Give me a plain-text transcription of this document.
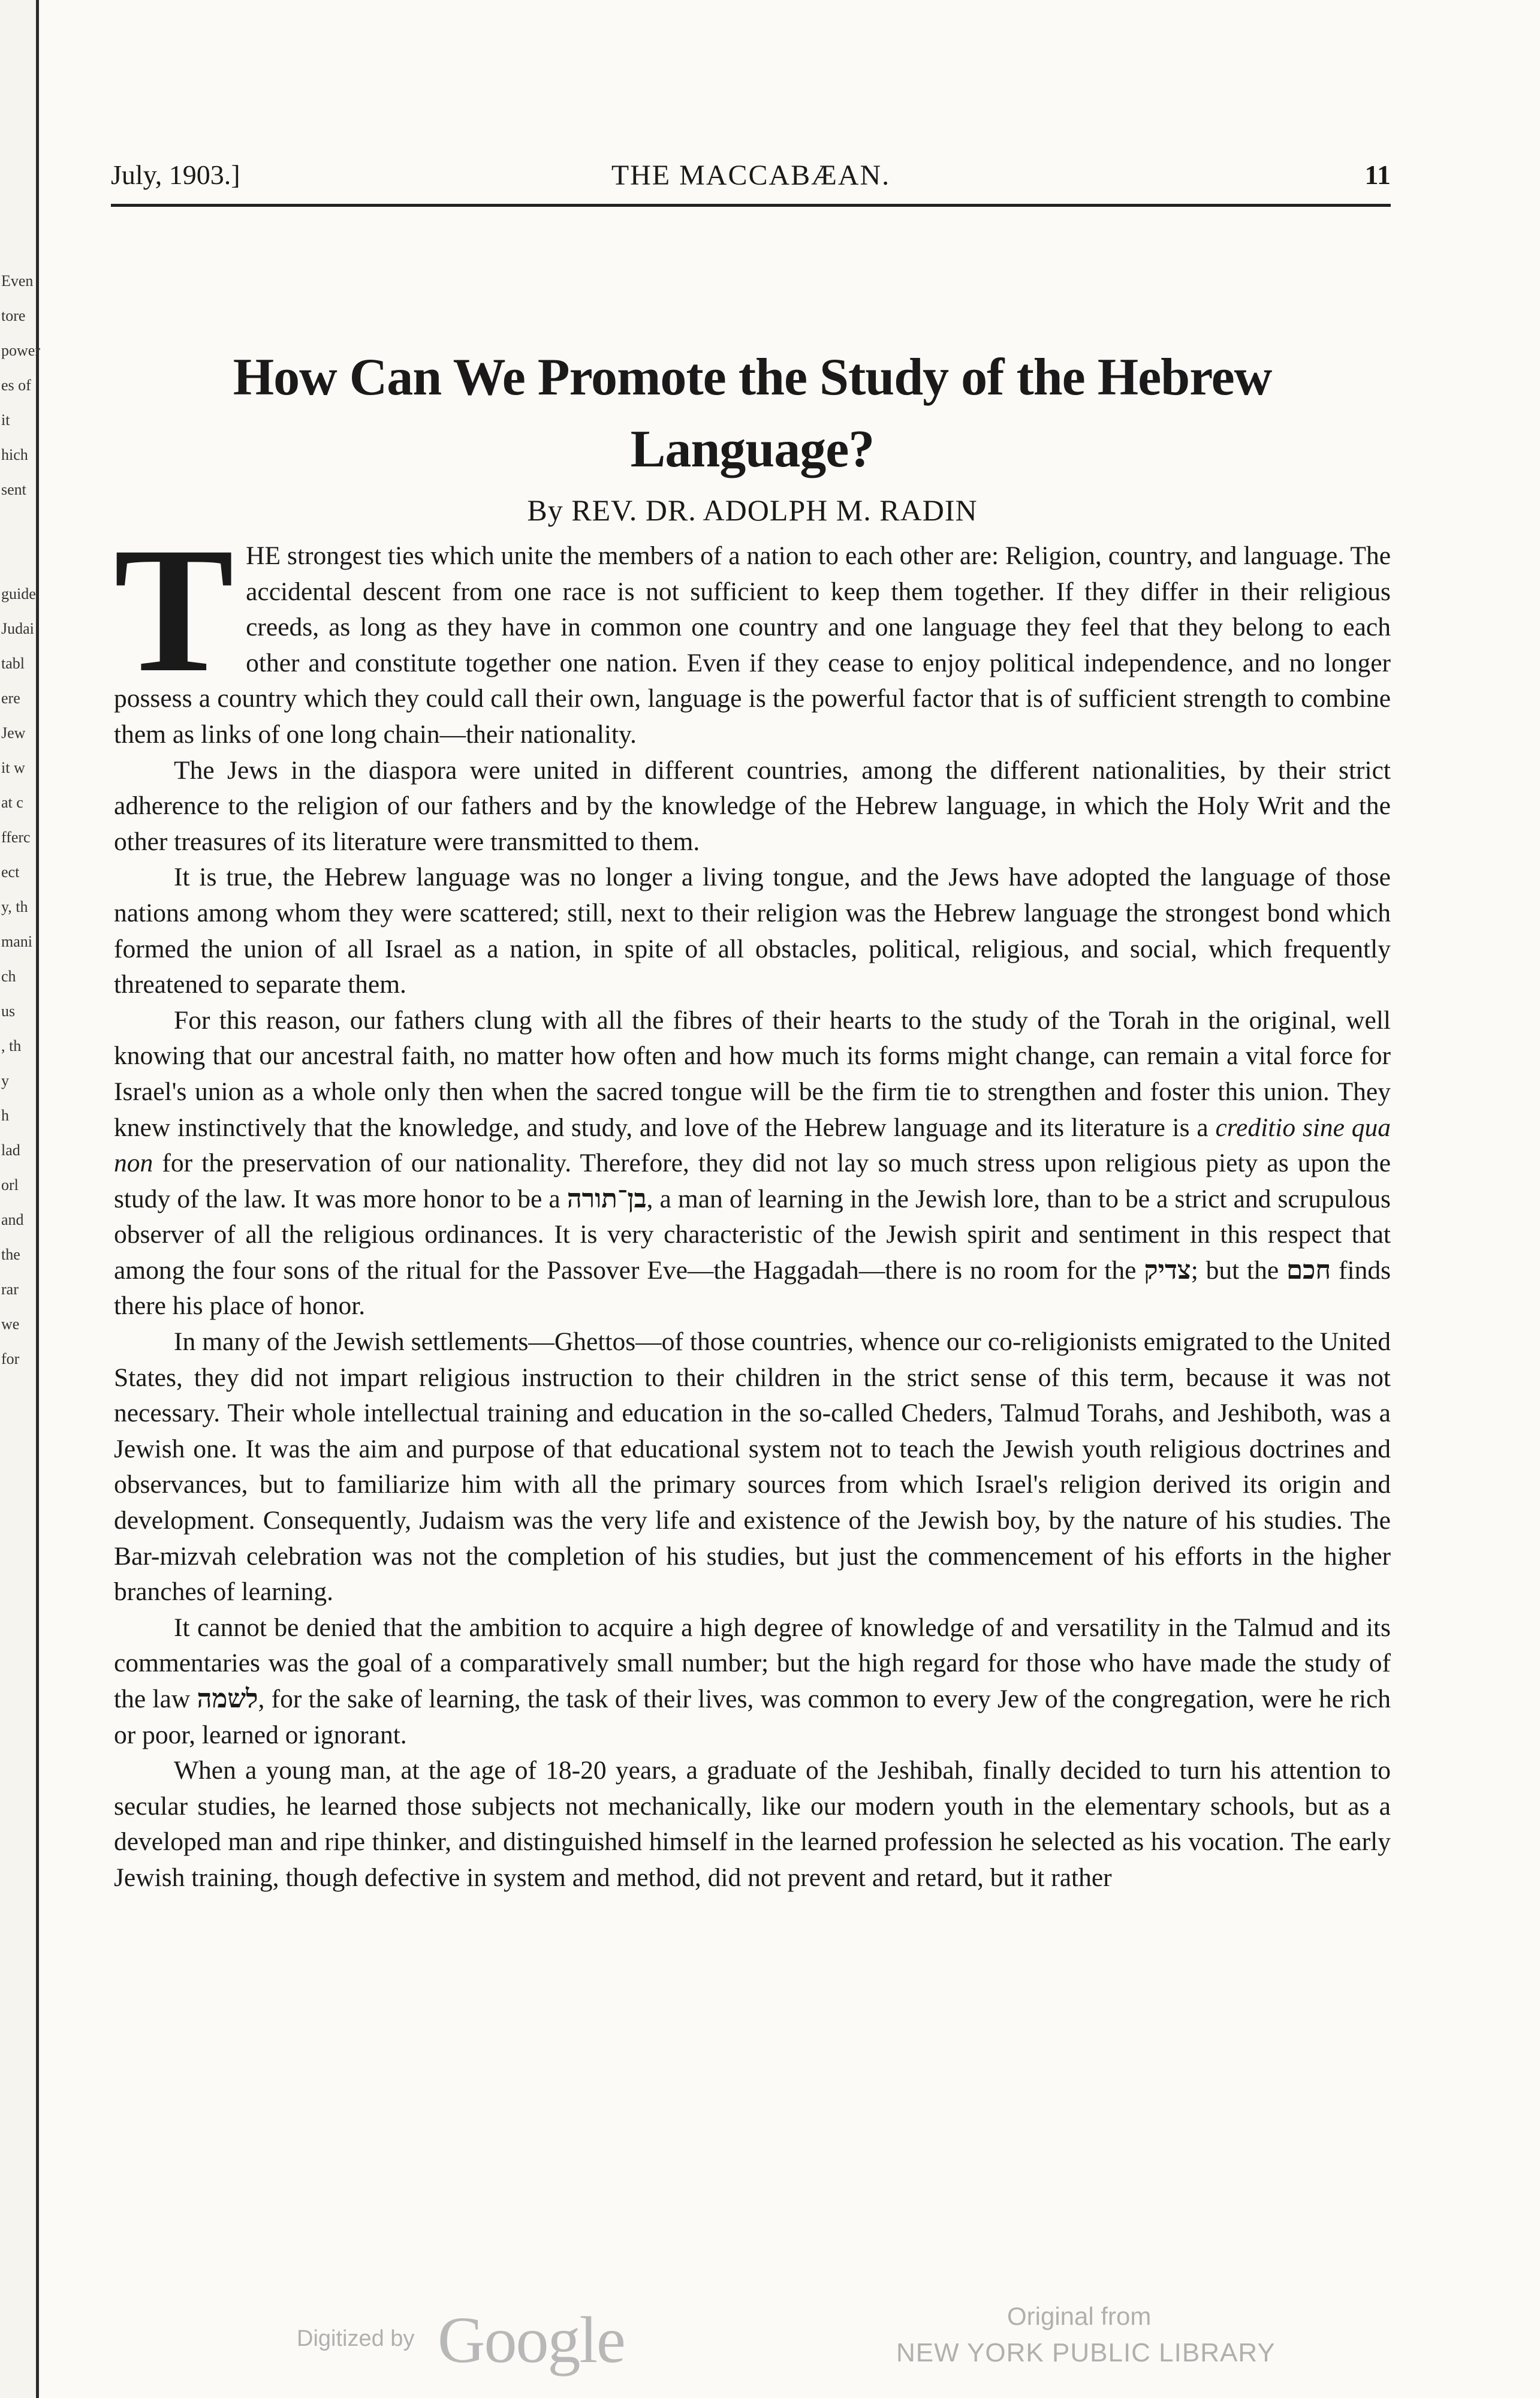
Even
tore
power
es of
it
hich
sent
guide
Judai
tabl
ere
Jew
it w
at c
fferc
ect
y, th
mani
ch
us
, th
y
h
lad
orl
and
the
rar
we
for
July, 1903.]	THE MACCABÆAN.	11
How Can We Promote the Study of the Hebrew Language?
By REV. DR. ADOLPH M. RADIN

THE strongest ties which unite the members of a nation to each other are: Religion, country, and language. The accidental descent from one race is not sufficient to keep them together. If they differ in their religious creeds, as long as they have in common one country and one language they feel that they belong to each other and constitute together one nation. Even if they cease to enjoy political independence, and no longer possess a country which they could call their own, language is the powerful factor that is of sufficient strength to combine them as links of one long chain—their nationality.

The Jews in the diaspora were united in different countries, among the different nationalities, by their strict adherence to the religion of our fathers and by the knowledge of the Hebrew language, in which the Holy Writ and the other treasures of its literature were transmitted to them.

It is true, the Hebrew language was no longer a living tongue, and the Jews have adopted the language of those nations among whom they were scattered; still, next to their religion was the Hebrew language the strongest bond which formed the union of all Israel as a nation, in spite of all obstacles, political, religious, and social, which frequently threatened to separate them.

For this reason, our fathers clung with all the fibres of their hearts to the study of the Torah in the original, well knowing that our ancestral faith, no matter how often and how much its forms might change, can remain a vital force for Israel's union as a whole only then when the sacred tongue will be the firm tie to strengthen and foster this union. They knew instinctively that the knowledge, and study, and love of the Hebrew language and its literature is a creditio sine qua non for the preservation of our nationality. Therefore, they did not lay so much stress upon religious piety as upon the study of the law. It was more honor to be a בן־תורה, a man of learning in the Jewish lore, than to be a strict and scrupulous observer of all the religious ordinances. It is very characteristic of the Jewish spirit and sentiment in this respect that among the four sons of the ritual for the Passover Eve—the Haggadah—there is no room for the צדיק; but the חכם finds there his place of honor.

In many of the Jewish settlements—Ghettos—of those countries, whence our co-religionists emigrated to the United States, they did not impart religious instruction to their children in the strict sense of this term, because it was not necessary. Their whole intellectual training and education in the so-called Cheders, Talmud Torahs, and Jeshiboth, was a Jewish one. It was the aim and purpose of that educational system not to teach the Jewish youth religious doctrines and observances, but to familiarize him with all the primary sources from which Israel's religion derived its origin and development. Consequently, Judaism was the very life and existence of the Jewish boy, by the nature of his studies. The Bar-mizvah celebration was not the completion of his studies, but just the commencement of his efforts in the higher branches of learning.

It cannot be denied that the ambition to acquire a high degree of knowledge of and versatility in the Talmud and its commentaries was the goal of a comparatively small number; but the high regard for those who have made the study of the law לשמה, for the sake of learning, the task of their lives, was common to every Jew of the congregation, were he rich or poor, learned or ignorant.

When a young man, at the age of 18-20 years, a graduate of the Jeshibah, finally decided to turn his attention to secular studies, he learned those subjects not mechanically, like our modern youth in the elementary schools, but as a developed man and ripe thinker, and distinguished himself in the learned profession he selected as his vocation. The early Jewish training, though defective in system and method, did not prevent and retard, but it rather

Digitized by Google	Original from
NEW YORK PUBLIC LIBRARY
